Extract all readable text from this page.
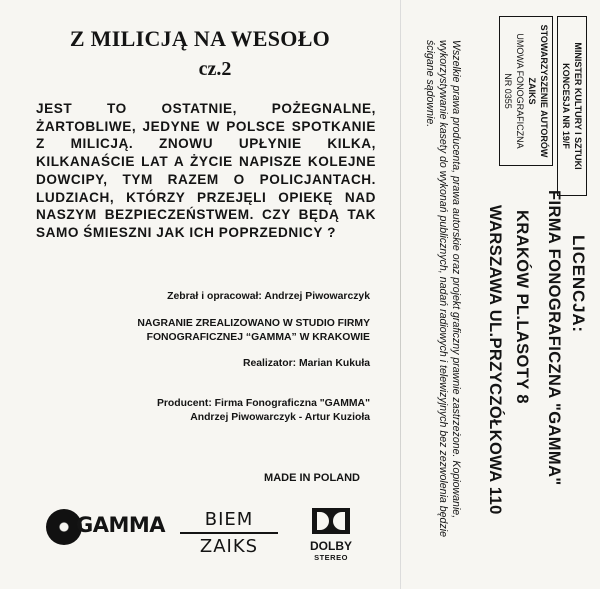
Z MILICJĄ NA WESOŁO
cz.2
JEST TO OSTATNIE, POŻEGNALNE, ŻARTOBLIWE, JEDYNE W POLSCE SPOTKANIE Z MILICJĄ. ZNOWU UPŁYNIE KILKA, KILKANAŚCIE LAT A ŻYCIE NAPISZE KOLEJNE DOWCIPY, TYM RAZEM O POLICJANTACH. LUDZIACH, KTÓRZY PRZEJĘLI OPIEKĘ NAD NASZYM BEZPIECZEŃSTWEM. CZY BĘDĄ TAK SAMO ŚMIESZNI JAK ICH POPRZEDNICY ?
Zebrał i opracował: Andrzej Piwowarczyk
NAGRANIE ZREALIZOWANO W STUDIO FIRMY
FONOGRAFICZNEJ “GAMMA” W KRAKOWIE
Realizator: Marian Kukuła
Producent: Firma Fonograficzna "GAMMA"
Andrzej Piwowarczyk - Artur Kuzioła
MADE IN POLAND
GAMMA	BIEM
ZAIKS	DOLBY
STEREO
Wszelkie prawa producenta, prawa autorskie oraz projekt graficzny prawnie zastrzeżone. Kopiowanie, wykorzystywanie kasety do wykonań publicznych, nadań radiowych i telewizyjnych bez zezwolenia będzie ścigane sądownie.
LICENCJA:
FIRMA FONOGRAFICZNA "GAMMA"
KRAKÓW PL.LASOTY 8
WARSZAWA UL.PRZYCZÓŁKOWA 110
MINISTER KULTURY I SZTUKI
KONCESJA NR 19/F
STOWARZYSZENIE AUTORÓW
ZAIKS
UMOWA FONOGRAFICZNA
NR 0355
